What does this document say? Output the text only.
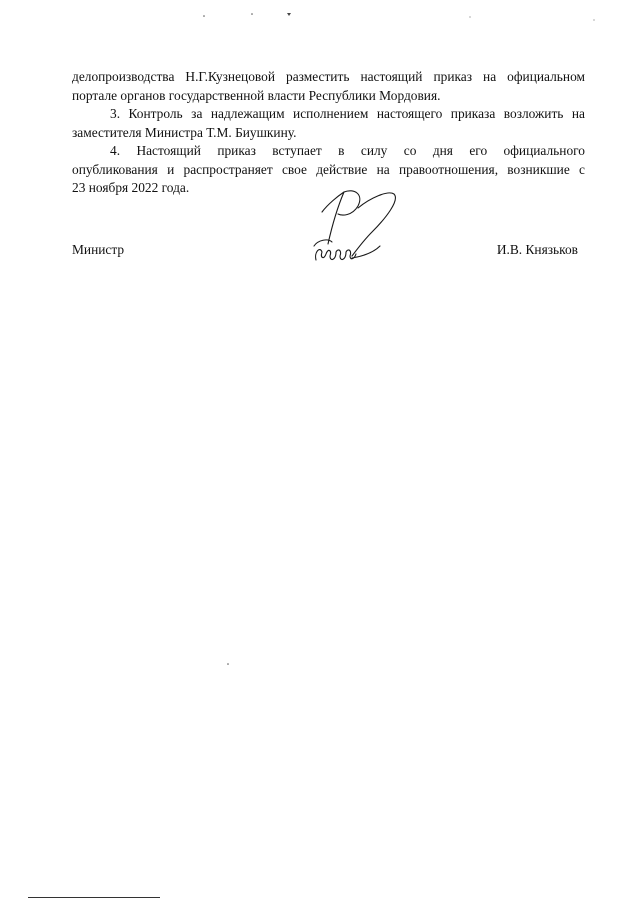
делопроизводства Н.Г.Кузнецовой разместить настоящий приказ на официальном
портале органов государственной власти Республики Мордовия.

3. Контроль за надлежащим исполнением настоящего приказа возложить на
заместителя Министра Т.М. Биушкину.

4. Настоящий приказ вступает в силу со дня его официального
опубликования и распространяет свое действие на правоотношения, возникшие с
23 ноября 2022 года.

Министр	И.В. Князьков
